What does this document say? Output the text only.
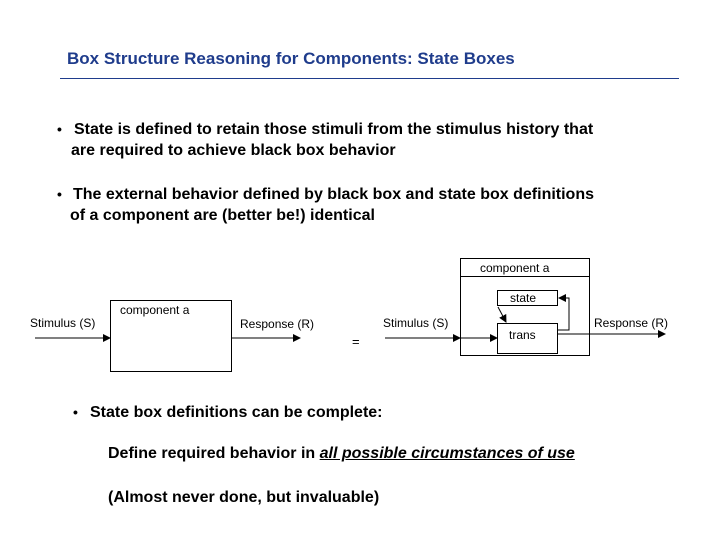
Box Structure Reasoning for Components: State Boxes
• State is defined to retain those stimuli from the stimulus history that
are required to achieve black box behavior
• The external behavior defined by black box and state box definitions
of a component are (better be!) identical
Stimulus (S)
component a
Response (R)
=
component a
Stimulus (S)
state
trans
Response (R)
• State box definitions can be complete:
Define required behavior in all possible circumstances of use
(Almost never done, but invaluable)
